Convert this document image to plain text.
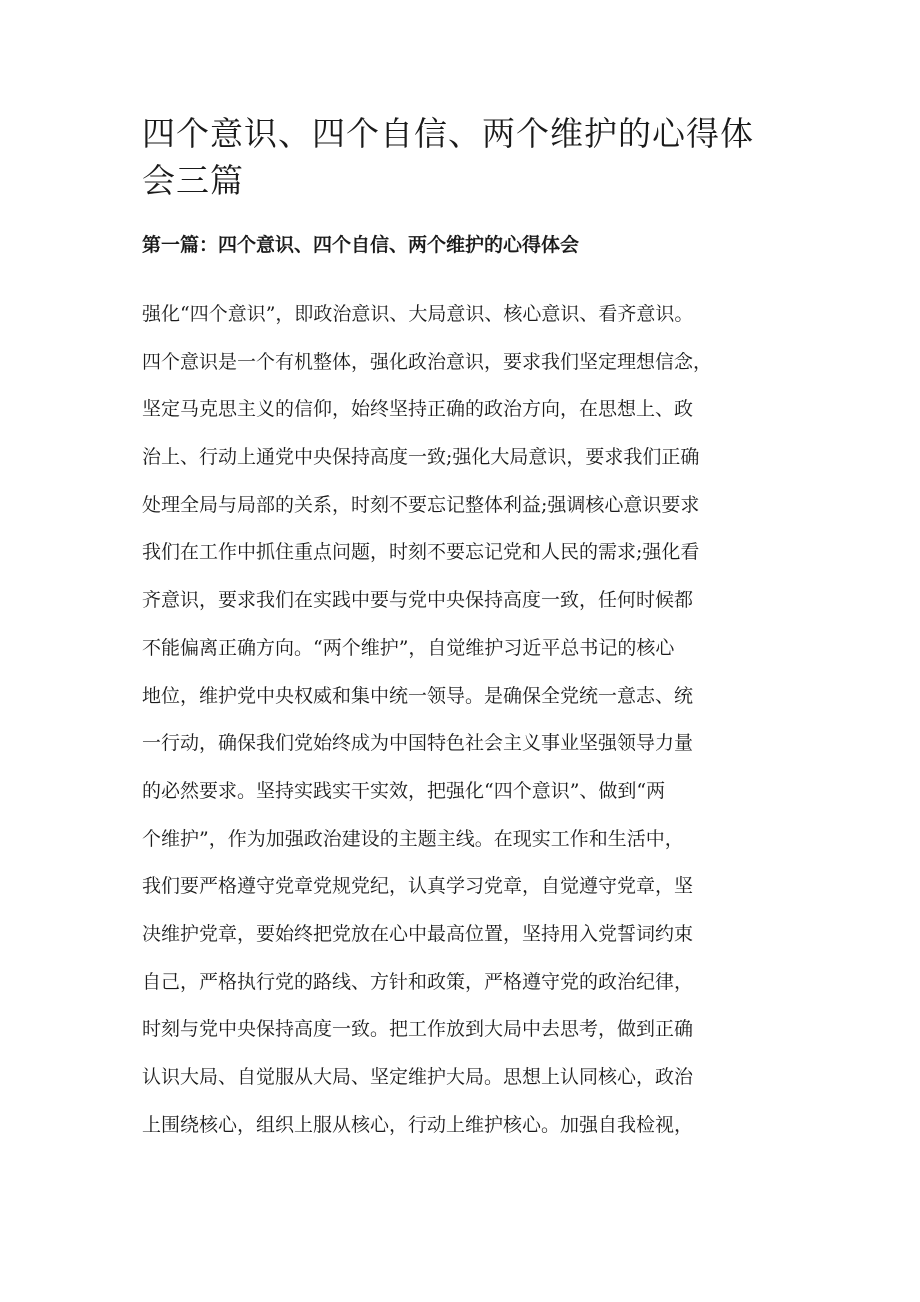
四个意识、四个自信、两个维护的心得体
会三篇
第一篇：四个意识、四个自信、两个维护的心得体会
强化“四个意识”，即政治意识、大局意识、核心意识、看齐意识。
四个意识是一个有机整体，强化政治意识，要求我们坚定理想信念，
坚定马克思主义的信仰，始终坚持正确的政治方向，在思想上、政
治上、行动上通党中央保持高度一致;强化大局意识，要求我们正确
处理全局与局部的关系，时刻不要忘记整体利益;强调核心意识要求
我们在工作中抓住重点问题，时刻不要忘记党和人民的需求;强化看
齐意识，要求我们在实践中要与党中央保持高度一致，任何时候都
不能偏离正确方向。“两个维护”，自觉维护习近平总书记的核心
地位，维护党中央权威和集中统一领导。是确保全党统一意志、统
一行动，确保我们党始终成为中国特色社会主义事业坚强领导力量
的必然要求。坚持实践实干实效，把强化“四个意识”、做到“两
个维护”，作为加强政治建设的主题主线。在现实工作和生活中，
我们要严格遵守党章党规党纪，认真学习党章，自觉遵守党章，坚
决维护党章，要始终把党放在心中最高位置，坚持用入党誓词约束
自己，严格执行党的路线、方针和政策，严格遵守党的政治纪律，
时刻与党中央保持高度一致。把工作放到大局中去思考，做到正确
认识大局、自觉服从大局、坚定维护大局。思想上认同核心，政治
上围绕核心，组织上服从核心，行动上维护核心。加强自我检视，
